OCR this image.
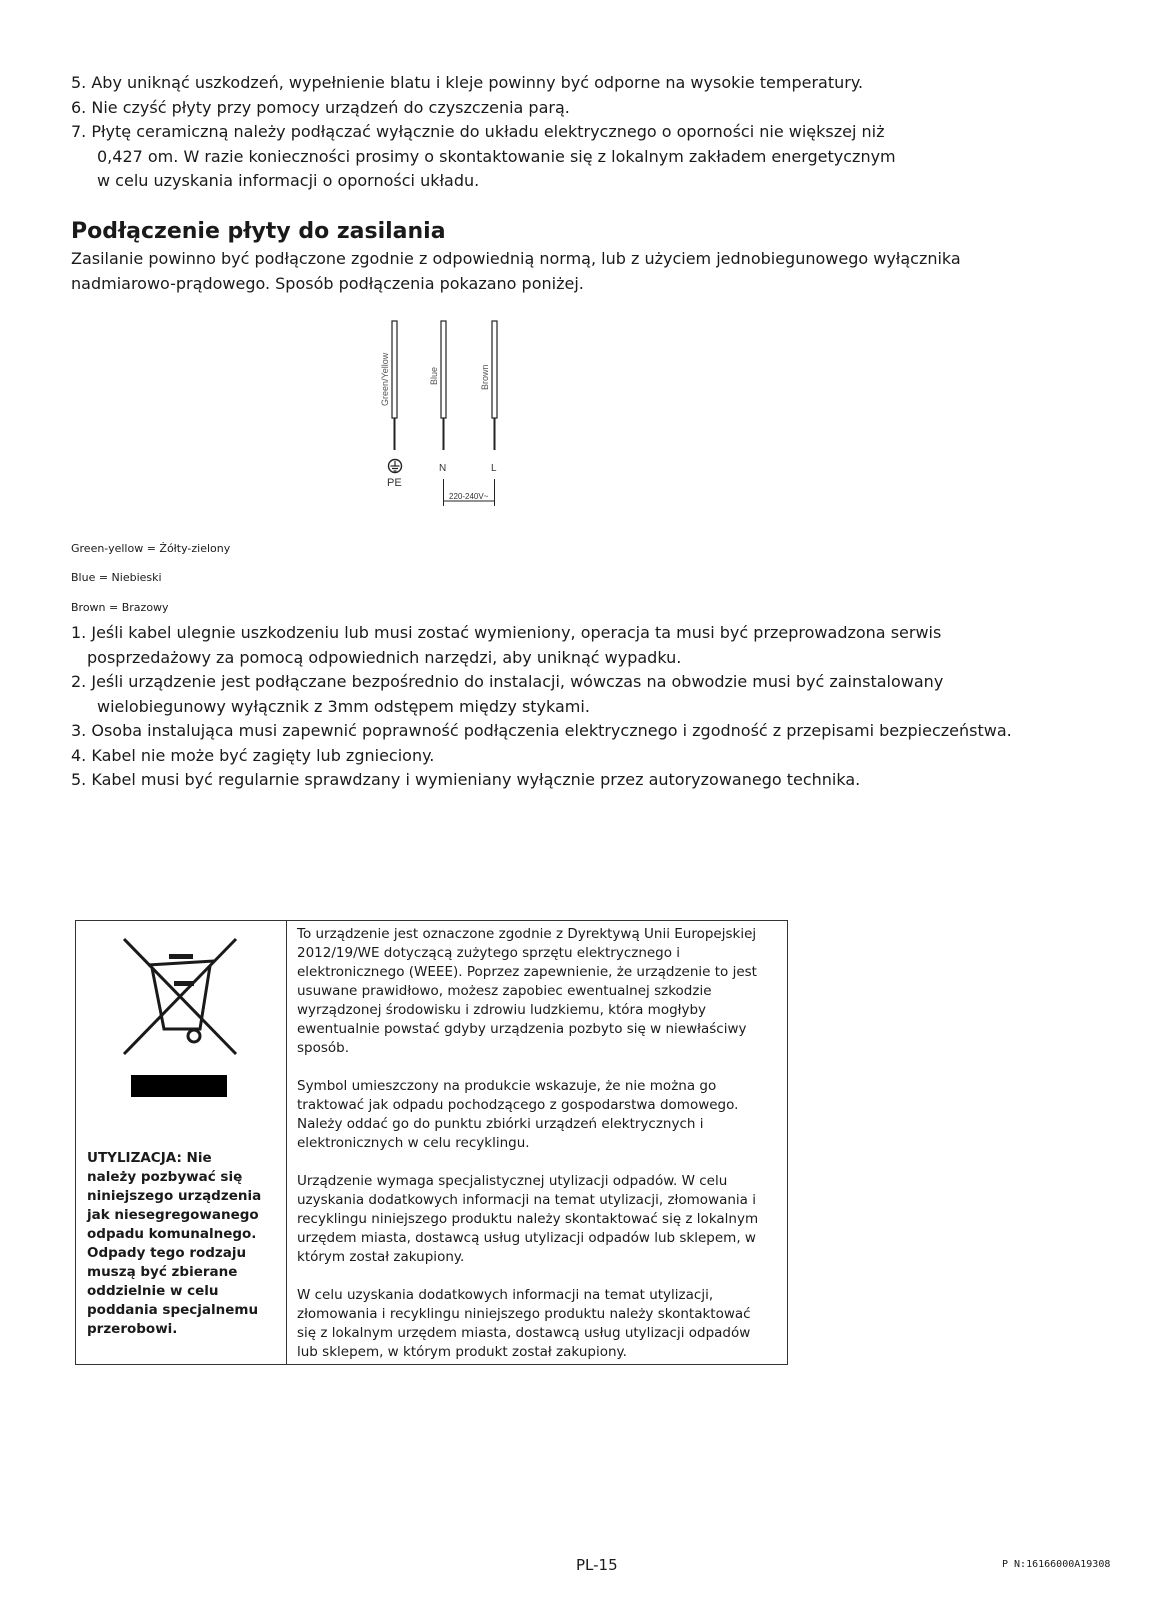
5. Aby uniknąć uszkodzeń, wypełnienie blatu i kleje powinny być odporne na wysokie temperatury.
6. Nie czyść płyty przy pomocy urządzeń do czyszczenia parą.
7. Płytę ceramiczną należy podłączać wyłącznie do układu elektrycznego o oporności nie większej niż
0,427 om. W razie konieczności prosimy o skontaktowanie się z lokalnym zakładem energetycznym
w celu uzyskania informacji o oporności układu.
Podłączenie płyty do zasilania
Zasilanie powinno być podłączone zgodnie z odpowiednią normą, lub z użyciem jednobiegunowego wyłącznika
nadmiarowo-prądowego. Sposób podłączenia pokazano poniżej.
Green/Yellow	Blue	Brown
PE
N	L
220-240V~
Green-yellow = Żółty-zielony
Blue = Niebieski
Brown = Brazowy
1. Jeśli kabel ulegnie uszkodzeniu lub musi zostać wymieniony, operacja ta musi być przeprowadzona serwis
posprzedażowy za pomocą odpowiednich narzędzi, aby uniknąć wypadku.
2. Jeśli urządzenie jest podłączane bezpośrednio do instalacji, wówczas na obwodzie musi być zainstalowany
wielobiegunowy wyłącznik z 3mm odstępem między stykami.
3. Osoba instalująca musi zapewnić poprawność podłączenia elektrycznego i zgodność z przepisami bezpieczeństwa.
4. Kabel nie może być zagięty lub zgnieciony.
5. Kabel musi być regularnie sprawdzany i wymieniany wyłącznie przez autoryzowanego technika.
UTYLIZACJA: Nie
należy pozbywać się
niniejszego urządzenia
jak niesegregowanego
odpadu komunalnego.
Odpady tego rodzaju
muszą być zbierane
oddzielnie w celu
poddania specjalnemu
przerobowi.

To urządzenie jest oznaczone zgodnie z Dyrektywą Unii Europejskiej
2012/19/WE dotyczącą zużytego sprzętu elektrycznego i
elektronicznego (WEEE). Poprzez zapewnienie, że urządzenie to jest
usuwane prawidłowo, możesz zapobiec ewentualnej szkodzie
wyrządzonej środowisku i zdrowiu ludzkiemu, która mogłyby
ewentualnie powstać gdyby urządzenia pozbyto się w niewłaściwy
sposób.

Symbol umieszczony na produkcie wskazuje, że nie można go
traktować jak odpadu pochodzącego z gospodarstwa domowego.
Należy oddać go do punktu zbiórki urządzeń elektrycznych i
elektronicznych w celu recyklingu.

Urządzenie wymaga specjalistycznej utylizacji odpadów. W celu
uzyskania dodatkowych informacji na temat utylizacji, złomowania i
recyklingu niniejszego produktu należy skontaktować się z lokalnym
urzędem miasta, dostawcą usług utylizacji odpadów lub sklepem, w
którym został zakupiony.

W celu uzyskania dodatkowych informacji na temat utylizacji,
złomowania i recyklingu niniejszego produktu należy skontaktować
się z lokalnym urzędem miasta, dostawcą usług utylizacji odpadów
lub sklepem, w którym produkt został zakupiony.

PL-15	P N:16166000A19308
